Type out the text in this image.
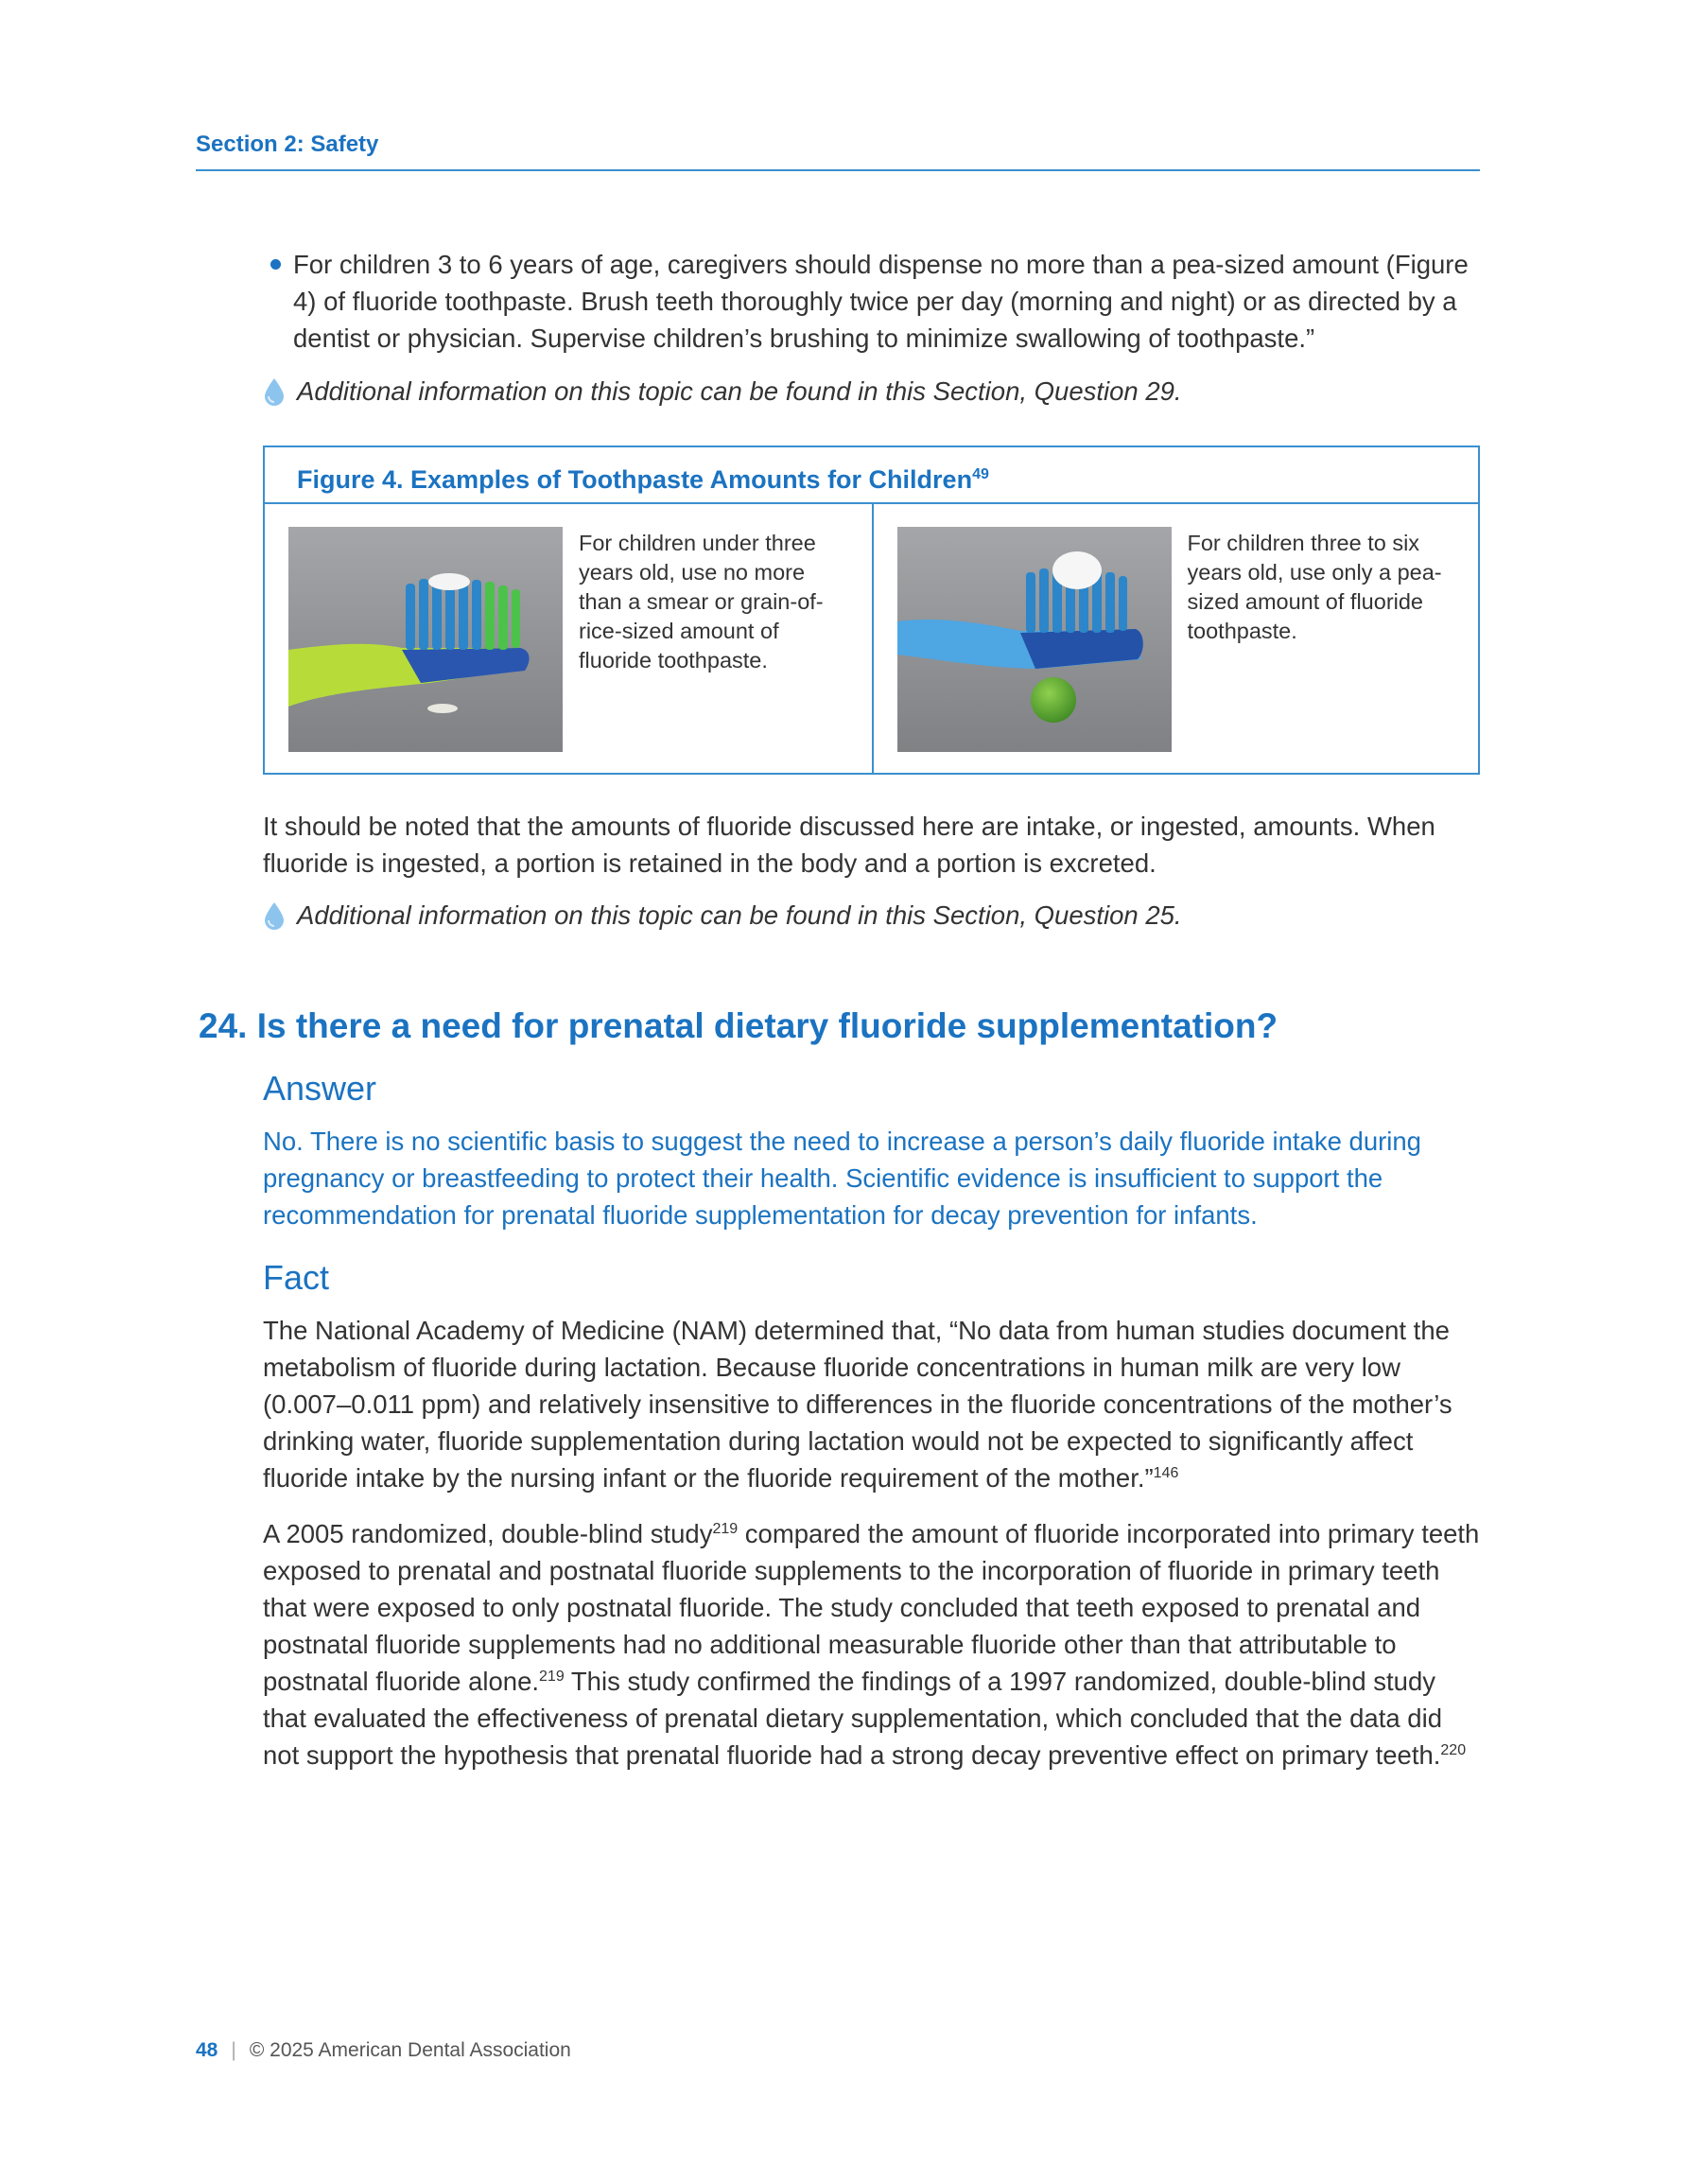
Section 2: Safety
For children 3 to 6 years of age, caregivers should dispense no more than a pea-sized amount (Figure 4) of fluoride toothpaste. Brush teeth thoroughly twice per day (morning and night) or as directed by a dentist or physician. Supervise children’s brushing to minimize swallowing of toothpaste.”
Additional information on this topic can be found in this Section, Question 29.
Figure 4. Examples of Toothpaste Amounts for Children$^{49}$
For children under three years old, use no more than a smear or grain-of-rice-sized amount of fluoride toothpaste.
For children three to six years old, use only a pea-sized amount of fluoride toothpaste.
It should be noted that the amounts of fluoride discussed here are intake, or ingested, amounts. When fluoride is ingested, a portion is retained in the body and a portion is excreted.
Additional information on this topic can be found in this Section, Question 25.
24. Is there a need for prenatal dietary fluoride supplementation?
Answer
No. There is no scientific basis to suggest the need to increase a person’s daily fluoride intake during pregnancy or breastfeeding to protect their health. Scientific evidence is insufficient to support the recommendation for prenatal fluoride supplementation for decay prevention for infants.
Fact
The National Academy of Medicine (NAM) determined that, “No data from human studies document the metabolism of fluoride during lactation. Because fluoride concentrations in human milk are very low (0.007–0.011 ppm) and relatively insensitive to differences in the fluoride concentrations of the mother’s drinking water, fluoride supplementation during lactation would not be expected to significantly affect fluoride intake by the nursing infant or the fluoride requirement of the mother.”$^{146}$
A 2005 randomized, double-blind study$^{219}$ compared the amount of fluoride incorporated into primary teeth exposed to prenatal and postnatal fluoride supplements to the incorporation of fluoride in primary teeth that were exposed to only postnatal fluoride. The study concluded that teeth exposed to prenatal and postnatal fluoride supplements had no additional measurable fluoride other than that attributable to postnatal fluoride alone.$^{219}$ This study confirmed the findings of a 1997 randomized, double-blind study that evaluated the effectiveness of prenatal dietary supplementation, which concluded that the data did not support the hypothesis that prenatal fluoride had a strong decay preventive effect on primary teeth.$^{220}$
48 | © 2025 American Dental Association
